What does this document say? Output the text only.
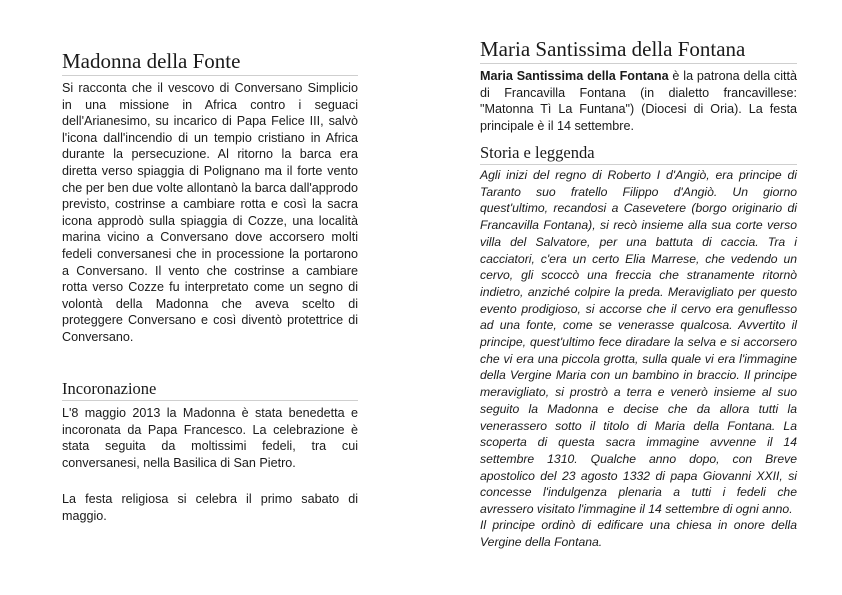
Madonna della Fonte

Si racconta che il vescovo di Conversano Simplicio in una missione in Africa contro i seguaci dell'Arianesimo, su incarico di Papa Felice III, salvò l'icona dall'incendio di un tempio cristiano in Africa durante la persecuzione. Al ritorno la barca era diretta verso spiaggia di Polignano ma il forte vento che per ben due volte allontanò la barca dall'approdo previsto, costrinse a cambiare rotta e così la sacra icona approdò sulla spiaggia di Cozze, una località marina vicino a Conversano dove accorsero molti fedeli conversanesi che in processione la portarono a Conversano. Il vento che costrinse a cambiare rotta verso Cozze fu interpretato come un segno di volontà della Madonna che aveva scelto di proteggere Conversano e così diventò protettrice di Conversano.

Incoronazione

L'8 maggio 2013 la Madonna è stata benedetta e incoronata da Papa Francesco. La celebrazione è stata seguita da moltissimi fedeli, tra cui conversanesi, nella Basilica di San Pietro.

La festa religiosa si celebra il primo sabato di maggio.

Maria Santissima della Fontana

Maria Santissima della Fontana è la patrona della città di Francavilla Fontana (in dialetto francavillese: "Matonna Tì La Funtana") (Diocesi di Oria). La festa principale è il 14 settembre.

Storia e leggenda

Agli inizi del regno di Roberto I d'Angiò, era principe di Taranto suo fratello Filippo d'Angiò. Un giorno quest'ultimo, recandosi a Casevetere (borgo originario di Francavilla Fontana), si recò insieme alla sua corte verso villa del Salvatore, per una battuta di caccia. Tra i cacciatori, c'era un certo Elia Marrese, che vedendo un cervo, gli scoccò una freccia che stranamente ritornò indietro, anziché colpire la preda. Meravigliato per questo evento prodigioso, si accorse che il cervo era genuflesso ad una fonte, come se venerasse qualcosa. Avvertito il principe, quest'ultimo fece diradare la selva e si accorsero che vi era una piccola grotta, sulla quale vi era l'immagine della Vergine Maria con un bambino in braccio. Il principe meravigliato, si prostrò a terra e venerò insieme al suo seguito la Madonna e decise che da allora tutti la venerassero sotto il titolo di Maria della Fontana. La scoperta di questa sacra immagine avvenne il 14 settembre 1310. Qualche anno dopo, con Breve apostolico del 23 agosto 1332 di papa Giovanni XXII, si concesse l'indulgenza plenaria a tutti i fedeli che avressero visitato l'immagine il 14 settembre di ogni anno.

Il principe ordinò di edificare una chiesa in onore della Vergine della Fontana.
